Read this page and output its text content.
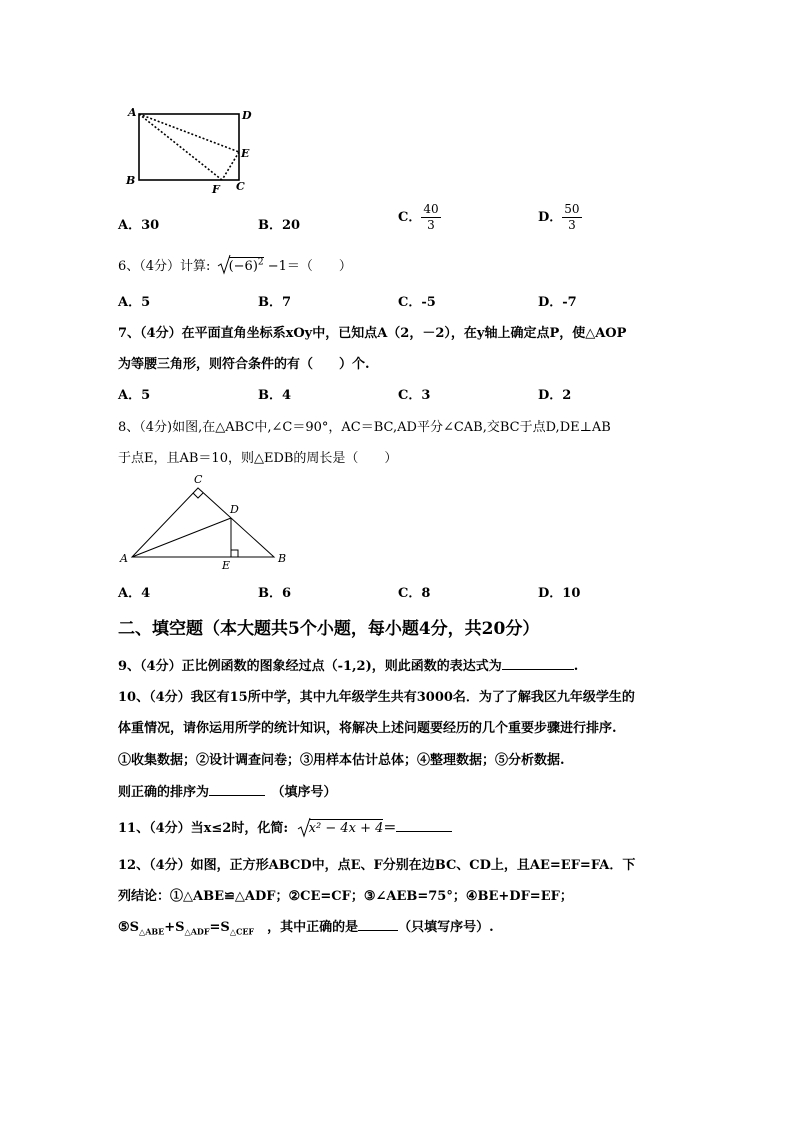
A	D
E
B
F C
A．30	B．20
C． $\frac{40}{3}$	D． $\frac{50}{3}$
6、（4分）计算: $(-6)^2 -1=$（　　）
A．5	B．7	C．-5	D．-7
7、（4分）在平面直角坐标系xOy中，已知点A（2，－2），在y轴上确定点P，使△AOP
为等腰三角形，则符合条件的有（　　）个.
A．5	B．4	C．3	D．2
8、（4分)如图,在△ABC中,∠C＝90°，AC＝BC,AD平分∠CAB,交BC于点D,DE⊥AB
于点E，且AB＝10，则△EDB的周长是（　　）
C
D
A	B
E
A．4	B．6	C．8	D．10
二、填空题（本大题共5个小题，每小题4分，共20分）
9、（4分）正比例函数的图象经过点（-1,2)，则此函数的表达式为	.
10、（4分）我区有15所中学，其中九年级学生共有3000名．为了了解我区九年级学生的
体重情况，请你运用所学的统计知识，将解决上述问题要经历的几个重要步骤进行排序.
①收集数据；②设计调查问卷；③用样本估计总体；④整理数据；⑤分析数据.
则正确的排序为　	（填序号）
11、（4分）当x≤2时，化简: x² − 4x + 4＝
12、（4分）如图，正方形ABCD中，点E、F分别在边BC、CD上，且AE=EF=FA．下
列结论：①△ABE≌△ADF；②CE=CF；③∠AEB=75°；④BE+DF=EF；
$⑤S_{\triangle ABE}+S_{\triangle ADF}=S_{\triangle CEF}$　 ，其中正确的是	（只填写序号）.
